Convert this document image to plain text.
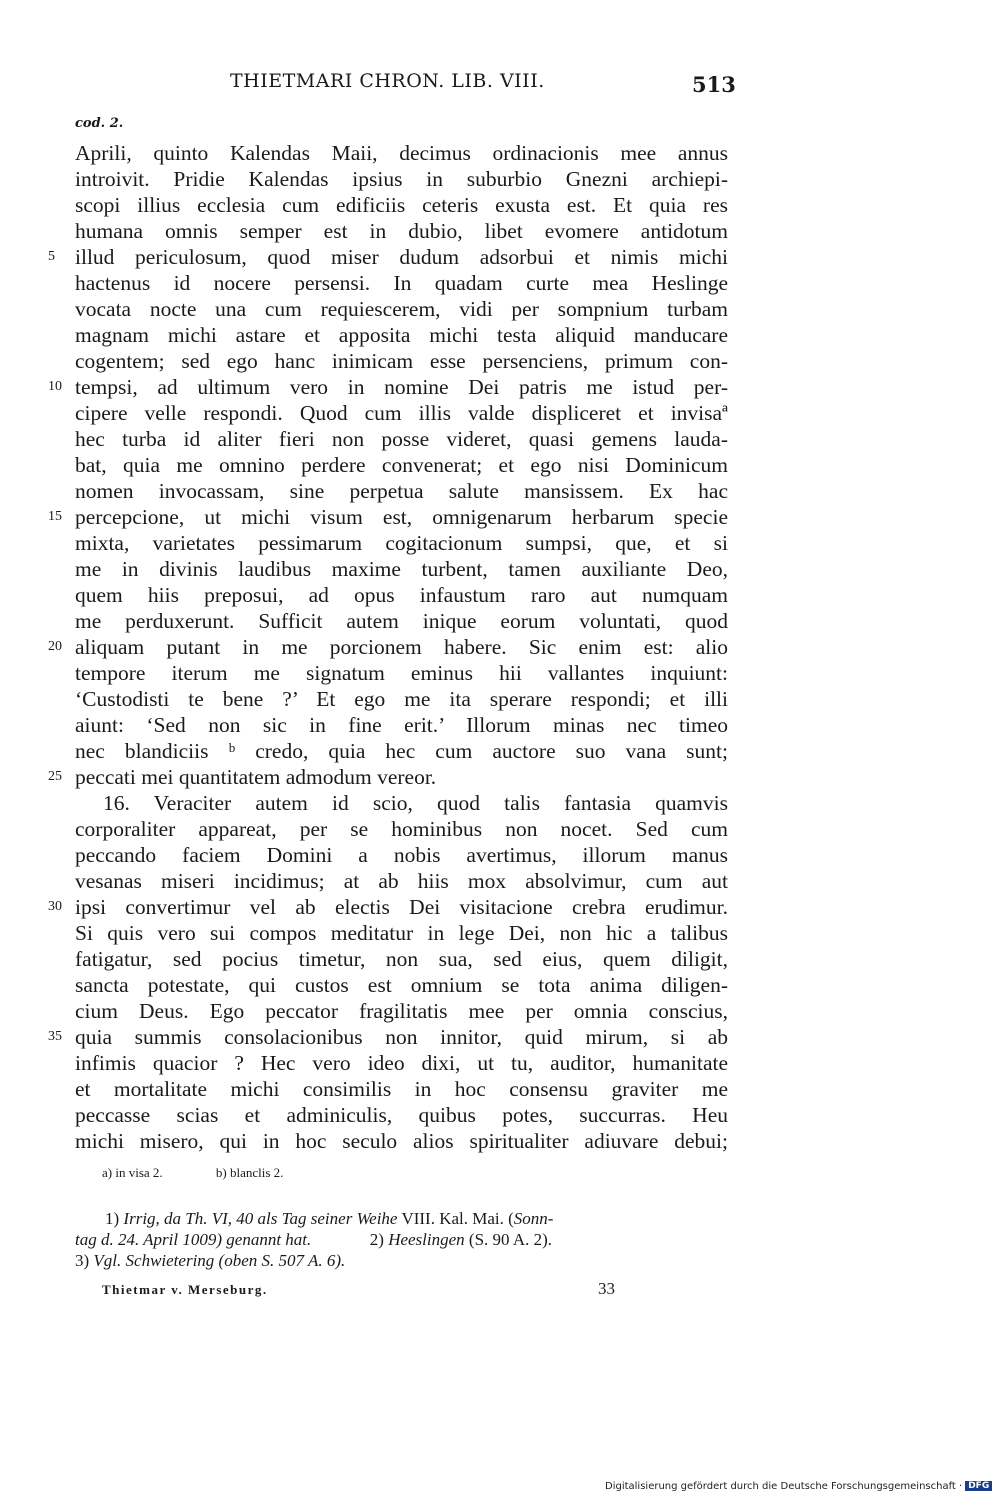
THIETMARI CHRON. LIB. VIII.	513
cod. 2.
Aprili, quinto Kalendas Maii, decimus ordinacionis mee annus
introivit. Pridie Kalendas ipsius in suburbio Gnezni archiepi-
scopi illius ecclesia cum edificiis ceteris exusta est. Et quia res
humana omnis semper est in dubio, libet evomere antidotum
illud periculosum, quod miser dudum adsorbui et nimis michi
hactenus id nocere persensi. In quadam curte mea Heslinge
vocata nocte una cum requiescerem, vidi per sompnium turbam
magnam michi astare et apposita michi testa aliquid manducare
cogentem; sed ego hanc inimicam esse persenciens, primum con-
tempsi, ad ultimum vero in nomine Dei patris me istud per-
cipere velle respondi. Quod cum illis valde displiceret et invisaª
hec turba id aliter fieri non posse videret, quasi gemens lauda-
bat, quia me omnino perdere convenerat; et ego nisi Dominicum
nomen invocassam, sine perpetua salute mansissem. Ex hac
percepcione, ut michi visum est, omnigenarum herbarum specie
mixta, varietates pessimarum cogitacionum sumpsi, que, et si
me in divinis laudibus maxime turbent, tamen auxiliante Deo,
quem hiis preposui, ad opus infaustum raro aut numquam
me perduxerunt. Sufficit autem inique eorum voluntati, quod
aliquam putant in me porcionem habere. Sic enim est: alio
tempore iterum me signatum eminus hii vallantes inquiunt:
‘Custodisti te bene ?’ Et ego me ita sperare respondi; et illi
aiunt: ‘Sed non sic in fine erit.’ Illorum minas nec timeo
nec blandiciis ᵇ credo, quia hec cum auctore suo vana sunt;
peccati mei quantitatem admodum vereor.
16. Veraciter autem id scio, quod talis fantasia quamvis
corporaliter appareat, per se hominibus non nocet. Sed cum
peccando faciem Domini a nobis avertimus, illorum manus
vesanas miseri incidimus; at ab hiis mox absolvimur, cum aut
ipsi convertimur vel ab electis Dei visitacione crebra erudimur.
Si quis vero sui compos meditatur in lege Dei, non hic a talibus
fatigatur, sed pocius timetur, non sua, sed eius, quem diligit,
sancta potestate, qui custos est omnium se tota anima diligen-
cium Deus. Ego peccator fragilitatis mee per omnia conscius,
quia summis consolacionibus non innitor, quid mirum, si ab
infimis quacior ? Hec vero ideo dixi, ut tu, auditor, humanitate
et mortalitate michi consimilis in hoc consensu graviter me
peccasse scias et adminiculis, quibus potes, succurras. Heu
michi misero, qui in hoc seculo alios spiritualiter adiuvare debui;
5
10
15
20
25
30
35
a) in visa 2.	b) blanclis 2.
1) Irrig, da Th. VI, 40 als Tag seiner Weihe VIII. Kal. Mai. (Sonn-
tag d. 24. April 1009) genannt hat.	2) Heeslingen (S. 90 A. 2).
3) Vgl. Schwietering (oben S. 507 A. 6).
Thietmar v. Merseburg.	33
Digitalisierung gefördert durch die Deutsche Forschungsgemeinschaft · DFG
